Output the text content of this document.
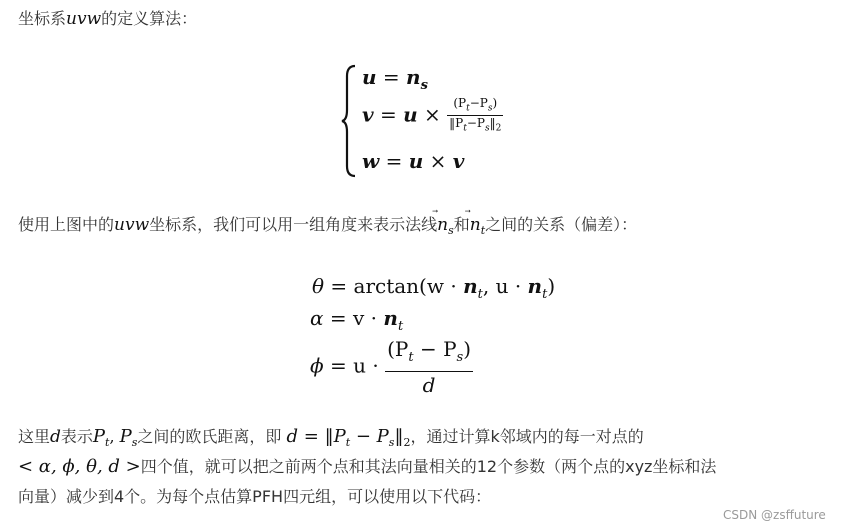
坐标系uvw的定义算法：
$u = n_s$
$v = u \times \frac{(P_t-P_s)}{‖P_t-P_s‖_2}$
w = u × v
使用上图中的uvw坐标系，我们可以用一组角度来表示法线
$n_s$和
$n_t$之间的关系（偏差）：
$\theta = \arctan(w \cdot n_t$, $u \cdot n_t$)
$\alpha = v \cdot n_t$
$\phi = u \cdot \frac{(P_t - P_s)}{d}$
这里d表示$P_t$, $P_s$之间的欧氏距离，即 $d = ‖P_t$ − $P_s‖_2$，通过计算k邻域内的每一对点的
< α, ϕ, θ, d >四个值，就可以把之前两个点和其法向量相关的12个参数（两个点的xyz坐标和法
向量）减少到4个。为每个点估算PFH四元组，可以使用以下代码：
CSDN @zsffuture
